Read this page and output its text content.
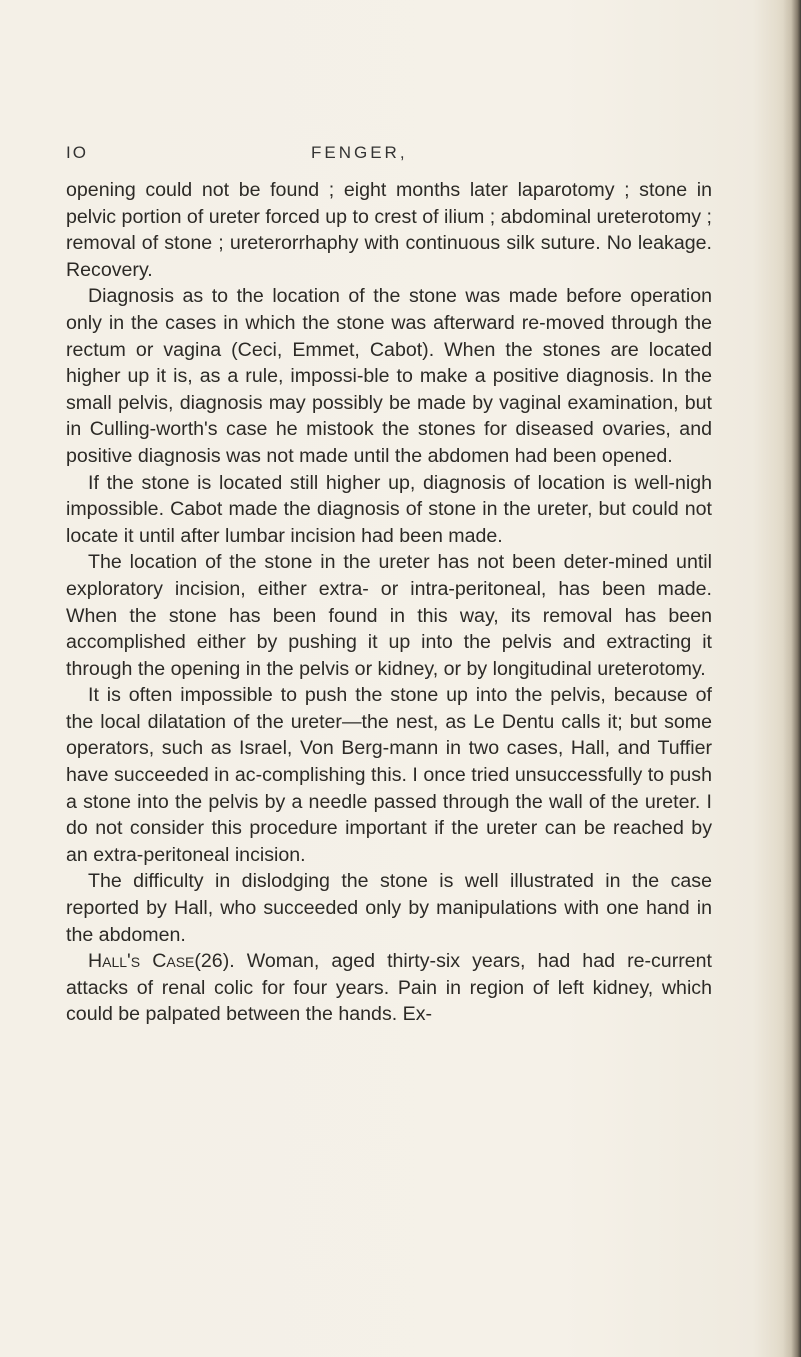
IO	FENGER,

opening could not be found ; eight months later laparotomy ; stone in pelvic portion of ureter forced up to crest of ilium ; abdominal ureterotomy ; removal of stone ; ureterorrhaphy with continuous silk suture. No leakage. Recovery.

Diagnosis as to the location of the stone was made before operation only in the cases in which the stone was afterward re-moved through the rectum or vagina (Ceci, Emmet, Cabot). When the stones are located higher up it is, as a rule, impossi-ble to make a positive diagnosis. In the small pelvis, diagnosis may possibly be made by vaginal examination, but in Culling-worth's case he mistook the stones for diseased ovaries, and positive diagnosis was not made until the abdomen had been opened.

If the stone is located still higher up, diagnosis of location is well-nigh impossible. Cabot made the diagnosis of stone in the ureter, but could not locate it until after lumbar incision had been made.

The location of the stone in the ureter has not been deter-mined until exploratory incision, either extra- or intra-peritoneal, has been made. When the stone has been found in this way, its removal has been accomplished either by pushing it up into the pelvis and extracting it through the opening in the pelvis or kidney, or by longitudinal ureterotomy.

It is often impossible to push the stone up into the pelvis, because of the local dilatation of the ureter—the nest, as Le Dentu calls it; but some operators, such as Israel, Von Berg-mann in two cases, Hall, and Tuffier have succeeded in ac-complishing this. I once tried unsuccessfully to push a stone into the pelvis by a needle passed through the wall of the ureter. I do not consider this procedure important if the ureter can be reached by an extra-peritoneal incision.

The difficulty in dislodging the stone is well illustrated in the case reported by Hall, who succeeded only by manipulations with one hand in the abdomen.

Hall's Case(26). Woman, aged thirty-six years, had had re-current attacks of renal colic for four years. Pain in region of left kidney, which could be palpated between the hands. Ex-
